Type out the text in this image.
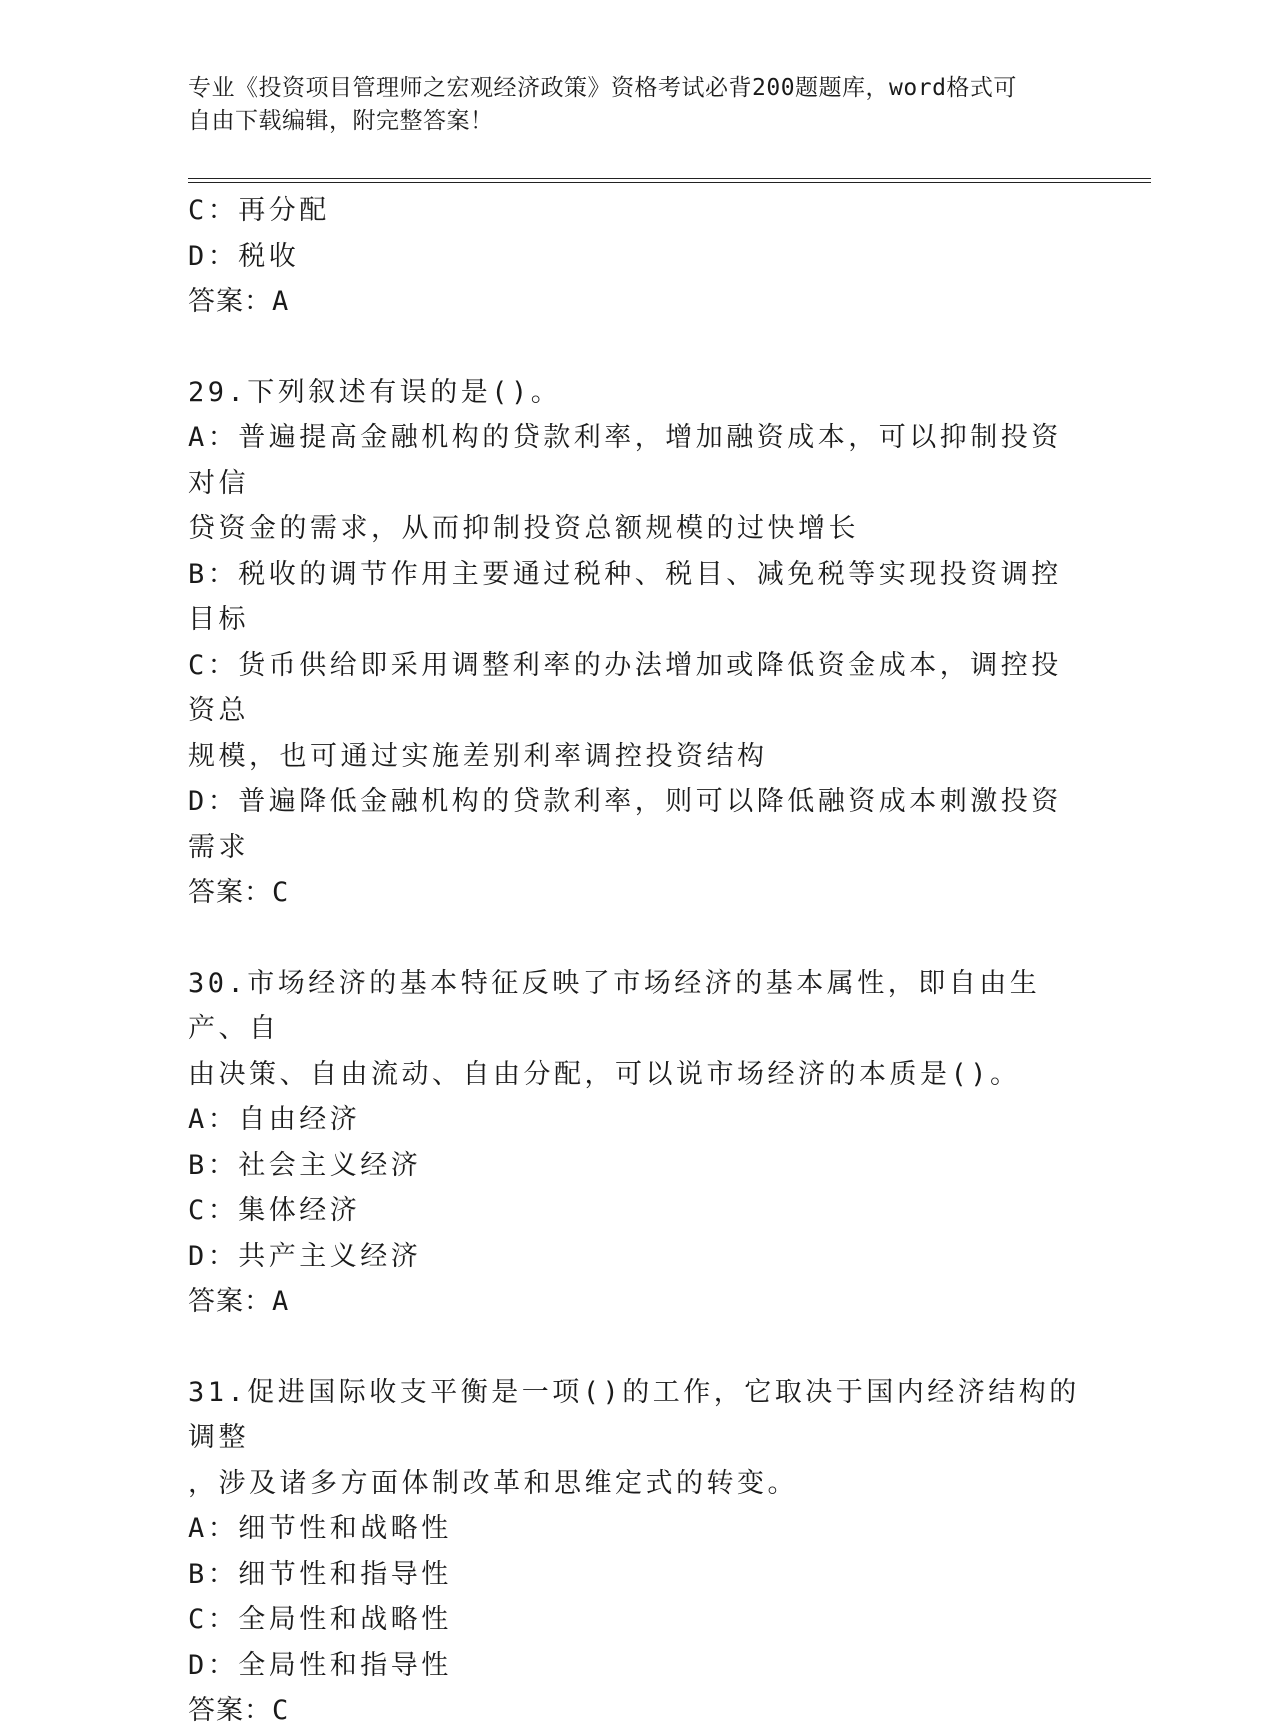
专业《投资项目管理师之宏观经济政策》资格考试必背200题题库，word格式可
自由下载编辑，附完整答案！
C：再分配
D：税收
答案：A
29.下列叙述有误的是()。
A：普遍提高金融机构的贷款利率，增加融资成本，可以抑制投资对信
贷资金的需求，从而抑制投资总额规模的过快增长
B：税收的调节作用主要通过税种、税目、减免税等实现投资调控目标
C：货币供给即采用调整利率的办法增加或降低资金成本，调控投资总
规模，也可通过实施差别利率调控投资结构
D：普遍降低金融机构的贷款利率，则可以降低融资成本刺激投资需求
答案：C
30.市场经济的基本特征反映了市场经济的基本属性，即自由生产、自
由决策、自由流动、自由分配，可以说市场经济的本质是()。
A：自由经济
B：社会主义经济
C：集体经济
D：共产主义经济
答案：A
31.促进国际收支平衡是一项()的工作，它取决于国内经济结构的调整
，涉及诸多方面体制改革和思维定式的转变。
A：细节性和战略性
B：细节性和指导性
C：全局性和战略性
D：全局性和指导性
答案：C
